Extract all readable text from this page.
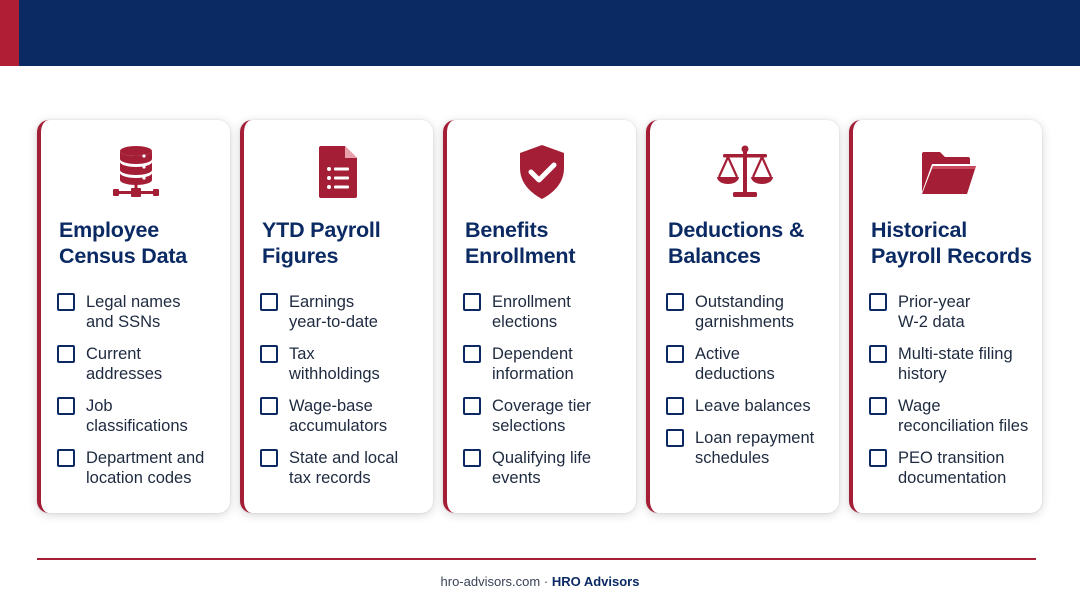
Employee
Census Data
Legal names
and SSNs
Current
addresses
Job
classifications
Department and
location codes
YTD Payroll
Figures
Earnings
year-to-date
Tax
withholdings
Wage-base
accumulators
State and local
tax records
Benefits
Enrollment
Enrollment
elections
Dependent
information
Coverage tier
selections
Qualifying life
events
Deductions &
Balances
Outstanding
garnishments
Active
deductions
Leave balances
Loan repayment
schedules
Historical
Payroll Records
Prior-year
W-2 data
Multi-state filing
history
Wage
reconciliation files
PEO transition
documentation
hro-advisors.com · HRO Advisors
